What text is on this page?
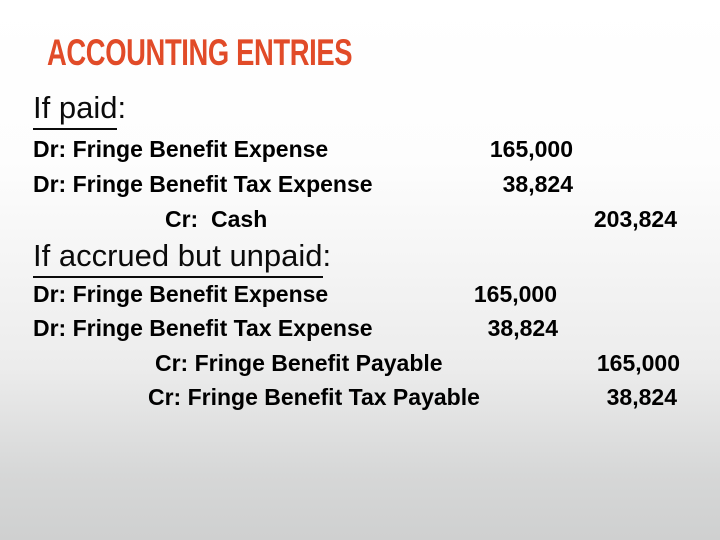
ACCOUNTING ENTRIES
If paid:
Dr: Fringe Benefit Expense	165,000
Dr: Fringe Benefit Tax Expense	38,824
Cr:  Cash	203,824
If accrued but unpaid:
Dr: Fringe Benefit Expense	165,000
Dr: Fringe Benefit Tax Expense	38,824
Cr: Fringe Benefit Payable	165,000
Cr: Fringe Benefit Tax Payable	38,824
